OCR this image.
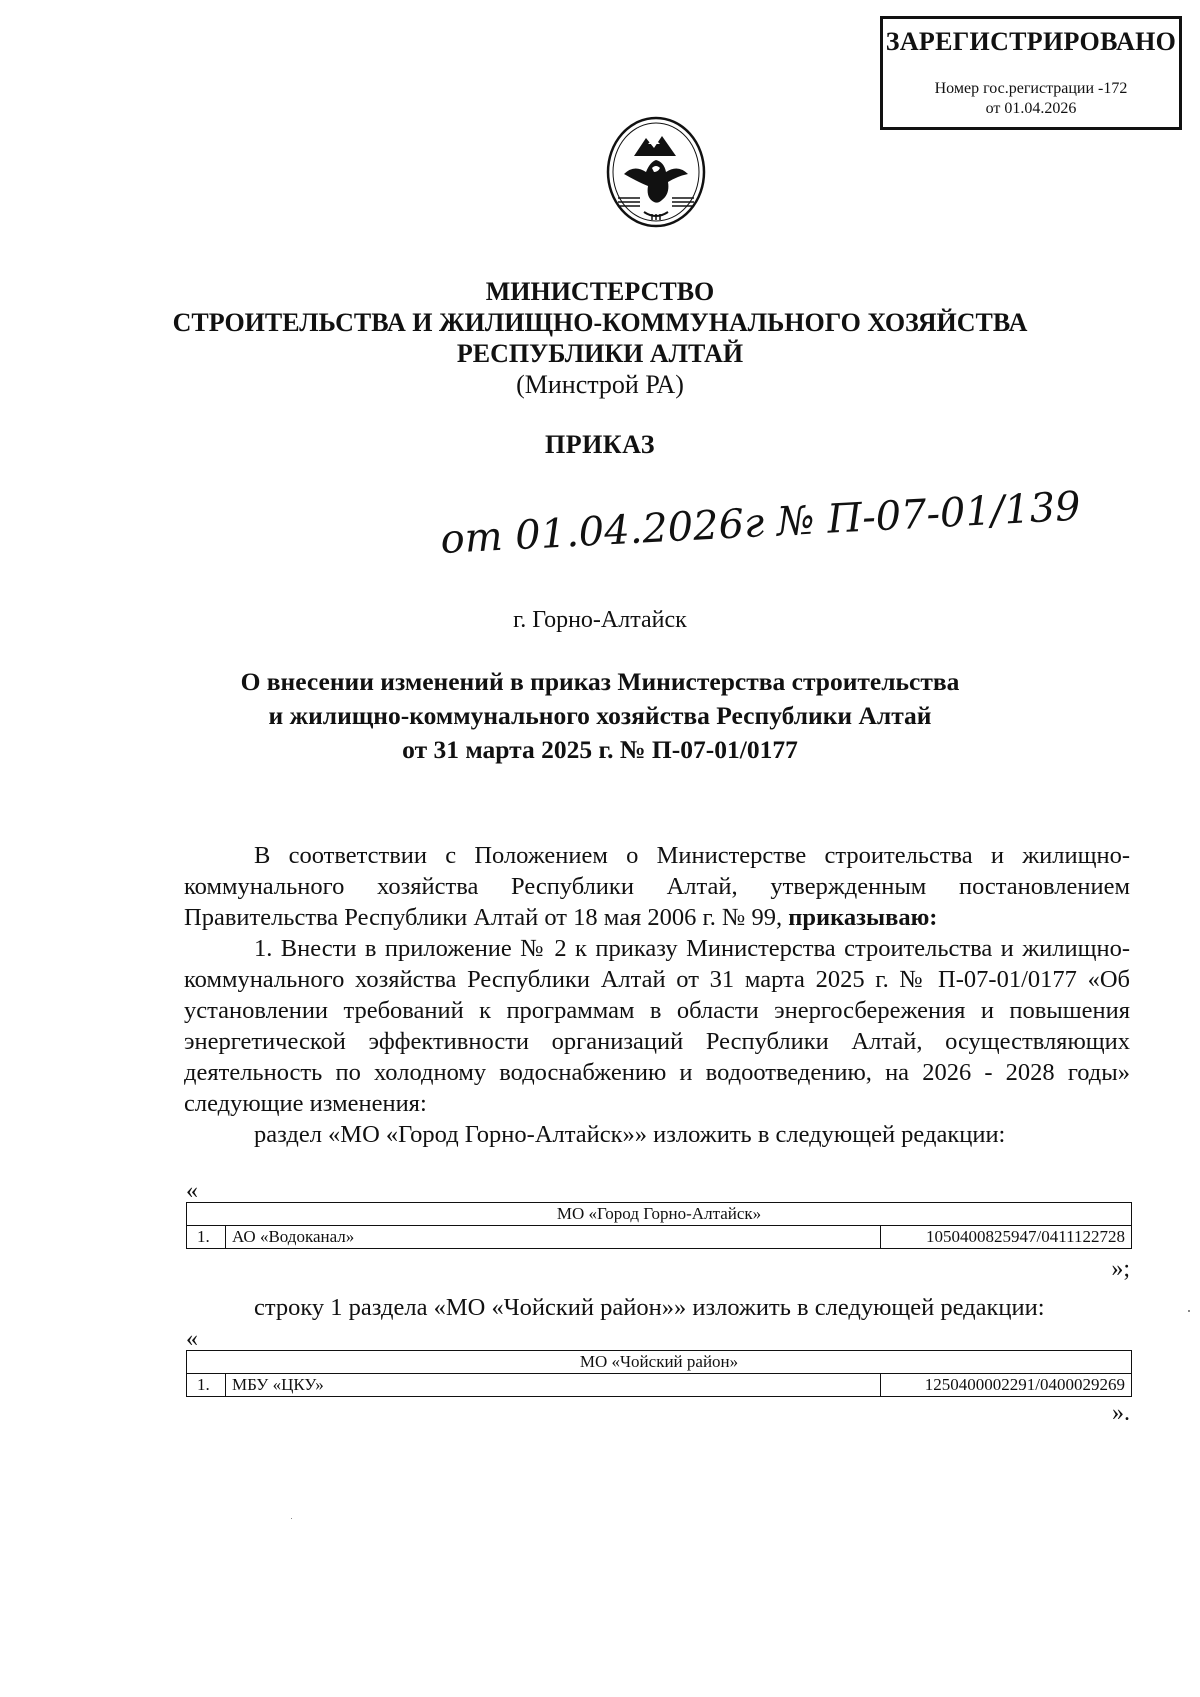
ЗАРЕГИСТРИРОВАНО
Номер гос.регистрации -172
от 01.04.2026
МИНИСТЕРСТВО
СТРОИТЕЛЬСТВА И ЖИЛИЩНО-КОММУНАЛЬНОГО ХОЗЯЙСТВА
РЕСПУБЛИКИ АЛТАЙ
(Минстрой РА)
ПРИКАЗ
от 01.04.2026г № П-07-01/139
г. Горно-Алтайск
О внесении изменений в приказ Министерства строительства
и жилищно-коммунального хозяйства Республики Алтай
от 31 марта 2025 г. № П-07-01/0177

В соответствии с Положением о Министерстве строительства и жилищно-коммунального хозяйства Республики Алтай, утвержденным постановлением Правительства Республики Алтай от 18 мая 2006 г. № 99, приказываю:

1. Внести в приложение № 2 к приказу Министерства строительства и жилищно-коммунального хозяйства Республики Алтай от 31 марта 2025 г. № П-07-01/0177 «Об установлении требований к программам в области энергосбережения и повышения энергетической эффективности организаций Республики Алтай, осуществляющих деятельность по холодному водоснабжению и водоотведению, на 2026 - 2028 годы» следующие изменения:

раздел «МО «Город Горно-Алтайск»» изложить в следующей редакции:

«
МО «Город Горно-Алтайск»
1.	АО «Водоканал»	1050400825947/0411122728
»;

строку 1 раздела «МО «Чойский район»» изложить в следующей редакции:

«
МО «Чойский район»
1.	МБУ «ЦКУ»	1250400002291/0400029269
».
